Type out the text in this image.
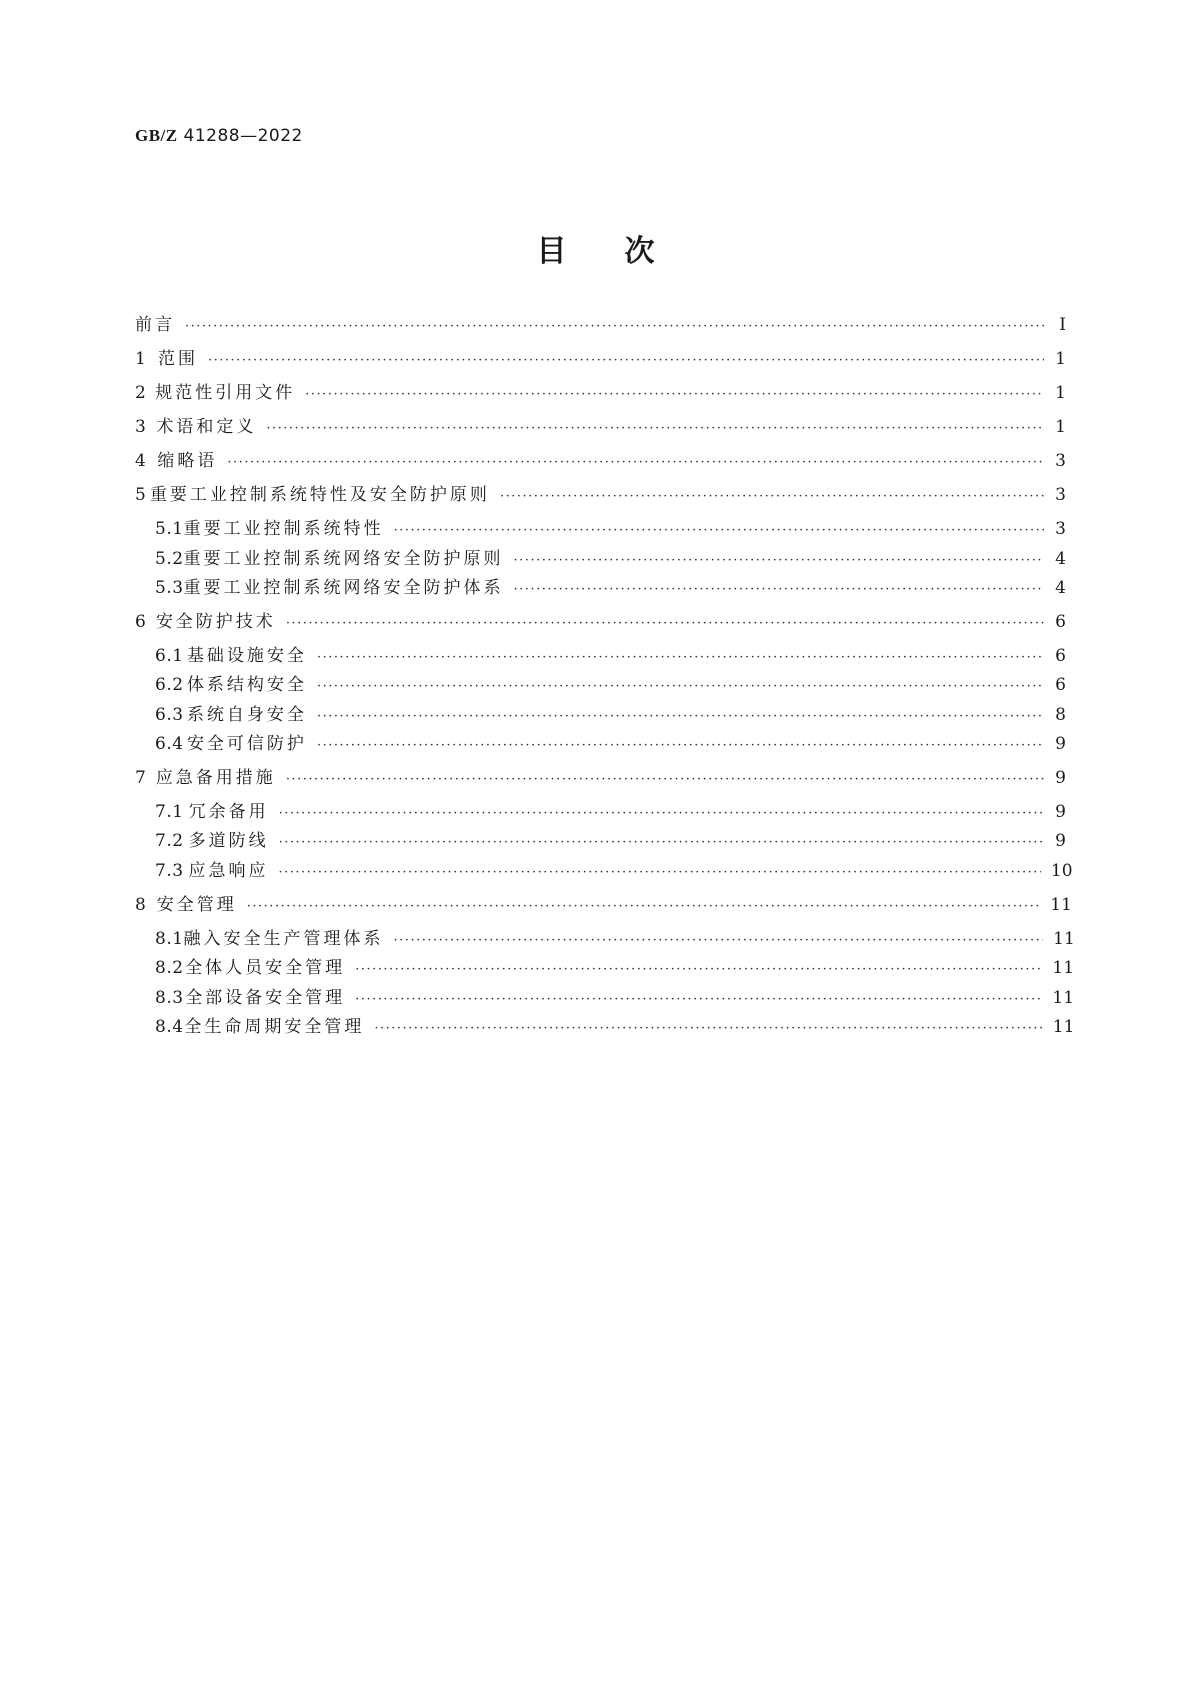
GB/Z 41288—2022
目次
前言 ·····	Ⅰ
1 范围 ·····	1
2 规范性引用文件 ·····	1
3 术语和定义 ·····	1
4 缩略语 ·····	3
5 重要工业控制系统特性及安全防护原则 ·····	3
5.1 重要工业控制系统特性 ·····	3
5.2 重要工业控制系统网络安全防护原则 ·····	4
5.3 重要工业控制系统网络安全防护体系 ·····	4
6 安全防护技术 ·····	6
6.1 基础设施安全 ·····	6
6.2 体系结构安全 ·····	6
6.3 系统自身安全 ·····	8
6.4 安全可信防护 ·····	9
7 应急备用措施 ·····	9
7.1 冗余备用 ·····	9
7.2 多道防线 ·····	9
7.3 应急响应 ·····	10
8 安全管理 ·····	11
8.1 融入安全生产管理体系 ·····	11
8.2 全体人员安全管理 ·····	11
8.3 全部设备安全管理 ·····	11
8.4 全生命周期安全管理 ·····	11
